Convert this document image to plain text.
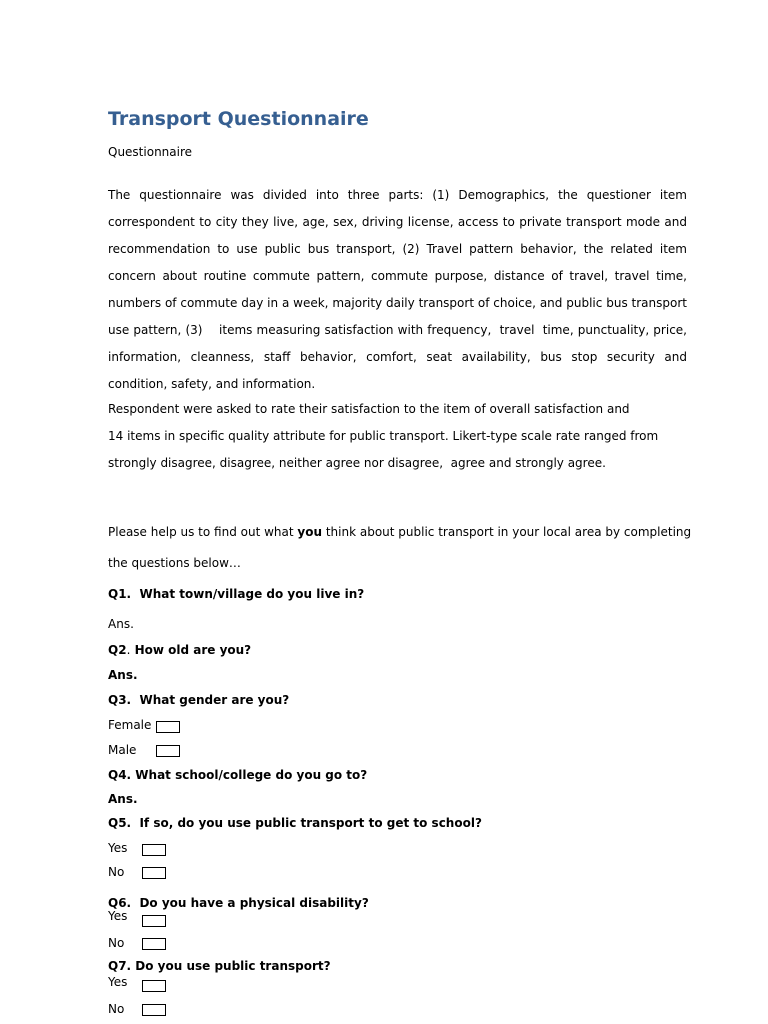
Transport Questionnaire
Questionnaire

The questionnaire was divided into three parts: (1) Demographics, the questioner item correspondent to city they live, age, sex, driving license, access to private transport mode and recommendation to use public bus transport, (2) Travel pattern behavior, the related item concern about routine commute pattern, commute purpose, distance of travel, travel time, numbers of commute day in a week, majority daily transport of choice, and public bus transport use pattern, (3)    items measuring satisfaction with frequency,  travel  time, punctuality, price, information, cleanness, staff behavior, comfort, seat availability, bus stop security and condition, safety, and information.

Respondent were asked to rate their satisfaction to the item of overall satisfaction and
14 items in specific quality attribute for public transport. Likert-type scale rate ranged from
strongly disagree, disagree, neither agree nor disagree,  agree and strongly agree.
Please help us to find out what you think about public transport in your local area by completing
the questions below…
Q1.  What town/village do you live in?
Ans.
Q2. How old are you?
Ans.
Q3.  What gender are you?
Female
Male
Q4. What school/college do you go to?
Ans.
Q5.  If so, do you use public transport to get to school?
Yes
No
Q6.  Do you have a physical disability?
Yes
No
Q7. Do you use public transport?
Yes
No
